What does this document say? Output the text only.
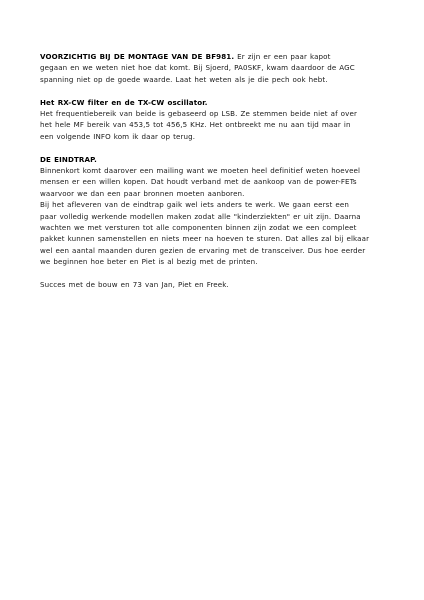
VOORZICHTIG BIJ DE MONTAGE VAN DE BF981. Er zijn er een paar kapot
gegaan en we weten niet hoe dat komt. Bij Sjoerd, PA0SKF, kwam daardoor de AGC
spanning niet op de goede waarde. Laat het weten als je die pech ook hebt.

Het RX-CW filter en de TX-CW oscillator.

Het frequentiebereik van beide is gebaseerd op LSB. Ze stemmen beide niet af over
het hele MF bereik van 453,5 tot 456,5 KHz. Het ontbreekt me nu aan tijd maar in
een volgende INFO kom ik daar op terug.

DE EINDTRAP.

Binnenkort komt daarover een mailing want we moeten heel definitief weten hoeveel
mensen er een willen kopen. Dat houdt verband met de aankoop van de power-FETs
waarvoor we dan een paar bronnen moeten aanboren.
Bij het afleveren van de eindtrap gaik wel iets anders te werk. We gaan eerst een
paar volledig werkende modellen maken zodat alle "kinderziekten" er uit zijn. Daarna
wachten we met versturen tot alle componenten binnen zijn zodat we een compleet
pakket kunnen samenstellen en niets meer na hoeven te sturen. Dat alles zal bij elkaar
wel een aantal maanden duren gezien de ervaring met de transceiver. Dus hoe eerder
we beginnen hoe beter en Piet is al bezig met de printen.

Succes met de bouw en 73 van Jan, Piet en Freek.
